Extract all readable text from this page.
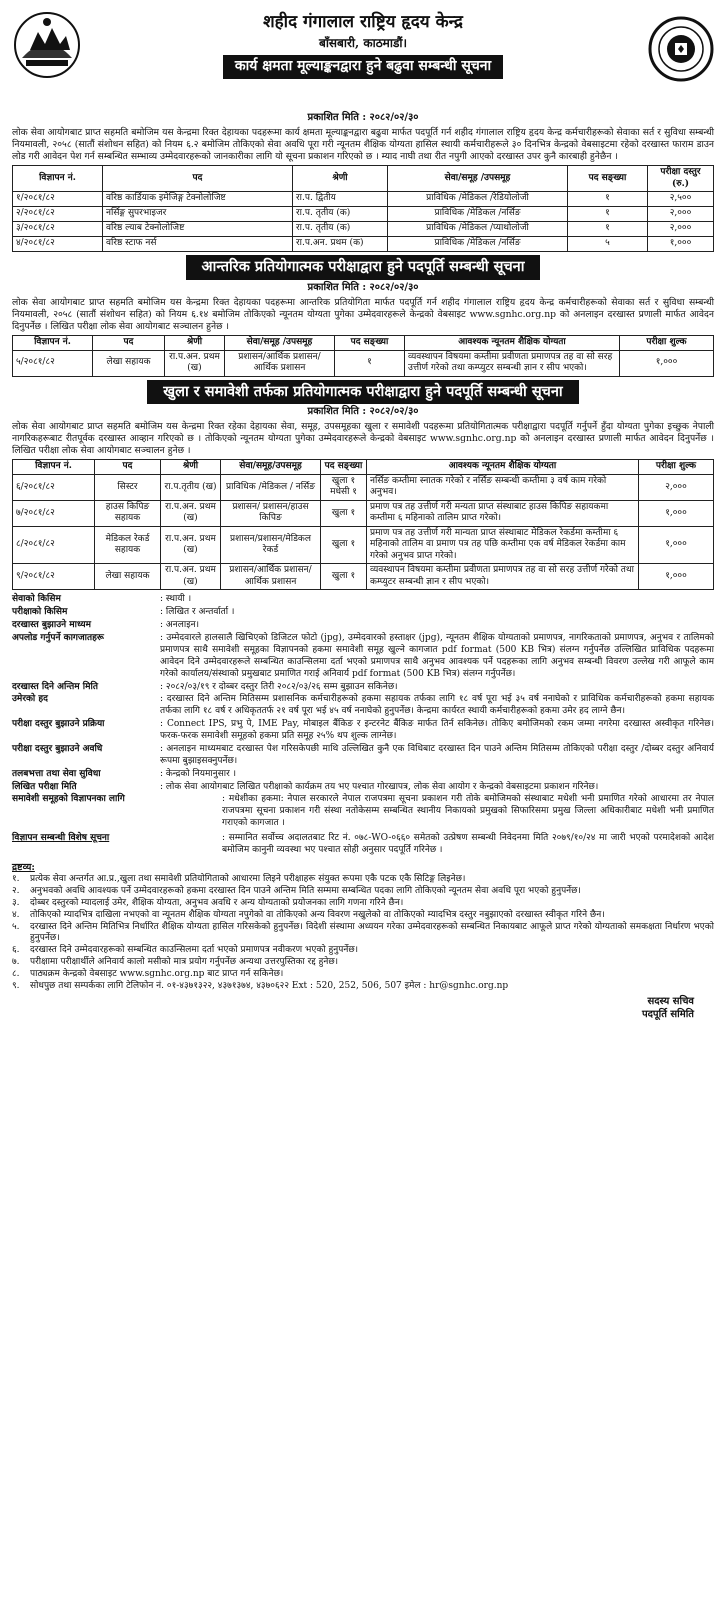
शहीद गंगालाल राष्ट्रिय हृदय केन्द्र
बाँसबारी, काठमाडौं।
कार्य क्षमता मूल्याङ्कनद्वारा हुने बढुवा सम्बन्धी सूचना
प्रकाशित मिति : २०८२/०२/३०
लोक सेवा आयोगबाट प्राप्त सहमति बमोजिम यस केन्द्रमा रिक्त देहायका पदहरूमा कार्य क्षमता मूल्याङ्कनद्वारा बढुवा मार्फत पदपूर्ति गर्न शहीद गंगालाल राष्ट्रिय हृदय केन्द्र कर्मचारीहरूको सेवाका सर्त र सुविधा सम्बन्धी नियमावली, २०५८ (सातौं संशोधन सहित) को नियम ६.२ बमोजिम तोकिएको सेवा अवधि पूरा गरी न्यूनतम शैक्षिक योग्यता हासिल स्थायी कर्मचारीहरूले ३० दिनभित्र केन्द्रको वेबसाइटमा रहेको दरखास्त फाराम डाउन लोड गरी आवेदन पेश गर्न सम्बन्धित सम्भाव्य उम्मेदवारहरूको जानकारीका लागि यो सूचना प्रकाशन गरिएको छ । म्याद नाघी तथा रीत नपुगी आएको दरखास्त उपर कुनै कारबाही हुनेछैन ।
विज्ञापन नं.	पद	श्रेणी	सेवा/समूह /उपसमूह	पद सङ्ख्या	परीक्षा दस्तुर (रु.)
१/२०८१/८२	वरिष्ठ कार्डियाक इमेजिङ्ग टेक्नोलोजिष्ट	रा.प. द्वितीय	प्राविधिक /मेडिकल /रेडियोलोजी	१	२,५००
२/२०८१/८२	नर्सिङ्ग सुपरभाइजर	रा.प. तृतीय (क)	प्राविधिक /मेडिकल /नर्सिङ	१	२,०००
३/२०८१/८२	वरिष्ठ ल्याब टेक्नोलोजिष्ट	रा.प. तृतीय (क)	प्राविधिक /मेडिकल /प्याथोलोजी	१	२,०००
४/२०८१/८२	वरिष्ठ स्टाफ नर्स	रा.प.अन. प्रथम (क)	प्राविधिक /मेडिकल /नर्सिङ	५	१,०००
आन्तरिक प्रतियोगात्मक परीक्षाद्वारा हुने पदपूर्ति सम्बन्धी सूचना
प्रकाशित मिति : २०८२/०२/३०
लोक सेवा आयोगबाट प्राप्त सहमति बमोजिम यस केन्द्रमा रिक्त देहायका पदहरूमा आन्तरिक प्रतियोगिता मार्फत पदपूर्ति गर्न शहीद गंगालाल राष्ट्रिय हृदय केन्द्र कर्मचारीहरूको सेवाका सर्त र सुविधा सम्बन्धी नियमावली, २०५८ (सातौं संशोधन सहित) को नियम ६.१४ बमोजिम तोकिएको न्यूनतम योग्यता पुगेका उम्मेदवारहरूले केन्द्रको वेबसाइट www.sgnhc.org.np को अनलाइन दरखास्त प्रणाली मार्फत आवेदन दिनुपर्नेछ । लिखित परीक्षा लोक सेवा आयोगबाट सञ्चालन हुनेछ ।
विज्ञापन नं.	पद	श्रेणी	सेवा/समूह /उपसमूह	पद सङ्ख्या	आवश्यक न्यूनतम शैक्षिक योग्यता	परीक्षा शुल्क
५/२०८१/८२	लेखा सहायक	रा.प.अन. प्रथम (ख)	प्रशासन/आर्थिक प्रशासन/ आर्थिक प्रशासन	१	व्यवस्थापन विषयमा कम्तीमा प्रवीणता प्रमाणपत्र तह वा सो सरह उत्तीर्ण गरेको तथा कम्प्युटर सम्बन्धी ज्ञान र सीप भएको।	१,०००
खुला र समावेशी तर्फका प्रतियोगात्मक परीक्षाद्वारा हुने पदपूर्ति सम्बन्धी सूचना
प्रकाशित मिति : २०८२/०२/३०
लोक सेवा आयोगबाट प्राप्त सहमति बमोजिम यस केन्द्रमा रिक्त रहेका देहायका सेवा, समूह, उपसमूहका खुला र समावेशी पदहरूमा प्रतियोगितात्मक परीक्षाद्वारा पदपूर्ति गर्नुपर्ने हुँदा योग्यता पुगेका इच्छुक नेपाली नागरिकहरूबाट रीतपूर्वक दरखास्त आव्हान गरिएको छ । तोकिएको न्यूनतम योग्यता पुगेका उम्मेदवारहरूले केन्द्रको वेबसाइट www.sgnhc.org.np को अनलाइन दरखास्त प्रणाली मार्फत आवेदन दिनुपर्नेछ । लिखित परीक्षा लोक सेवा आयोगबाट सञ्चालन हुनेछ ।
विज्ञापन नं.	पद	श्रेणी	सेवा/समूह/उपसमूह	पद सङ्ख्या	आवश्यक न्यूनतम शैक्षिक योग्यता	परीक्षा शुल्क
६/२०८१/८२	सिस्टर	रा.प.तृतीय (ख)	प्राविधिक /मेडिकल / नर्सिङ	खुला १ मधेसी १	नर्सिङ कम्तीमा स्नातक गरेको र नर्सिङ सम्बन्धी कम्तीमा ३ वर्ष काम गरेको अनुभव।	२,०००
७/२०८१/८२	हाउस किपिङ सहायक	रा.प.अन. प्रथम (ख)	प्रशासन/ प्रशासन/हाउस किपिङ	खुला १	प्रमाण पत्र तह उत्तीर्ण गरी मन्यता प्राप्त संस्थाबाट हाउस किपिङ सहायकमा कम्तीमा ६ महिनाको तालिम प्राप्त गरेको।	१,०००
८/२०८१/८२	मेडिकल रेकर्ड सहायक	रा.प.अन. प्रथम (ख)	प्रशासन/प्रशासन/मेडिकल रेकर्ड	खुला १	प्रमाण पत्र तह उत्तीर्ण गरी मान्यता प्राप्त संस्थाबाट मेडिकल रेकर्डमा कम्तीमा ६ महिनाको तालिम वा प्रमाण पत्र तह पछि कम्तीमा एक वर्ष मेडिकल रेकर्डमा काम गरेको अनुभव प्राप्त गरेको।	१,०००
९/२०८१/८२	लेखा सहायक	रा.प.अन. प्रथम (ख)	प्रशासन/आर्थिक प्रशासन/ आर्थिक प्रशासन	खुला १	व्यवस्थापन विषयमा कम्तीमा प्रवीणता प्रमाणपत्र तह वा सो सरह उत्तीर्ण गरेको तथा कम्प्युटर सम्बन्धी ज्ञान र सीप भएको।	१,०००
सेवाको किसिम	: स्थायी ।
परीक्षाको किसिम	: लिखित र अन्तर्वार्ता ।
दरखास्त बुझाउने माध्यम	: अनलाइन।
अपलोड गर्नुपर्ने कागजातहरू	: उम्मेदवारले हालसालै खिचिएको डिजिटल फोटो (jpg), उम्मेदवारको हस्ताक्षर (jpg), न्यूनतम शैक्षिक योग्यताको प्रमाणपत्र, नागरिकताको प्रमाणपत्र, अनुभव र तालिमको प्रमाणपत्र साथै समावेशी समूहका विज्ञापनको हकमा समावेशी समूह खुल्ने कागजात pdf format (500 KB भित्र) संलग्न गर्नुपर्नेछ उल्लिखित प्राविधिक पदहरूमा आवेदन दिने उम्मेदवारहरूले सम्बन्धित काउन्सिलमा दर्ता भएको प्रमाणपत्र साथै अनुभव आवश्यक पर्ने पदहरूका लागि अनुभव सम्बन्धी विवरण उल्लेख गरी आफूले काम गरेको कार्यालय/संस्थाको प्रमुखबाट प्रमाणित गराई अनिवार्य pdf format (500 KB भित्र) संलग्न गर्नुपर्नेछ।
दरखास्त दिने अन्तिम मिति	: २०८२/०३/१९ र दोब्बर दस्तुर तिरी २०८२/०३/२६ सम्म बुझाउन सकिनेछ।
उमेरको हद	: दरखास्त दिने अन्तिम मितिसम्म प्रशासनिक कर्मचारीहरूको हकमा सहायक तर्फका लागि १८ वर्ष पूरा भई ३५ वर्ष ननाघेको र प्राविधिक कर्मचारीहरूको हकमा सहायक तर्फका लागि १८ वर्ष र अधिकृततर्फ २१ वर्ष पूरा भई ४५ वर्ष ननाघेको हुनुपर्नेछ। केन्द्रमा कार्यरत स्थायी कर्मचारीहरूको हकमा उमेर हद लाग्ने छैन।
परीक्षा दस्तुर बुझाउने प्रक्रिया	: Connect IPS, प्रभु पे, IME Pay, मोबाइल बैंकिङ र इन्टरनेट बैंकिङ मार्फत तिर्न सकिनेछ। तोकिए बमोजिमको रकम जम्मा नगरेमा दरखास्त अस्वीकृत गरिनेछ। फरक-फरक समावेशी समूहको हकमा प्रति समूह २५% थप शुल्क लाग्नेछ।
परीक्षा दस्तुर बुझाउने अवधि	: अनलाइन माध्यमबाट दरखास्त पेश गरिसकेपछी माथि उल्लिखित कुनै एक विधिबाट दरखास्त दिन पाउने अन्तिम मितिसम्म तोकिएको परीक्षा दस्तुर /दोब्बर दस्तुर अनिवार्य रूपमा बुझाइसक्नुपर्नेछ।
तलबभत्ता तथा सेवा सुविधा	: केन्द्रको नियमानुसार ।
लिखित परीक्षा मिति	: लोक सेवा आयोगबाट लिखित परीक्षाको कार्यक्रम तय भए पश्चात गोरखापत्र, लोक सेवा आयोग र केन्द्रको वेबसाइटमा प्रकाशन गरिनेछ।
समावेशी समूहको विज्ञापनका लागि	: मधेशीका हकमा: नेपाल सरकारले नेपाल राजपत्रमा सूचना प्रकाशन गरी तोके बमोजिमको संस्थाबाट मधेशी भनी प्रमाणित गरेको आधारमा तर नेपाल राजपत्रमा सूचना प्रकाशन गरी संस्था नतोकेसम्म सम्बन्धित स्थानीय निकायको प्रमुखको सिफारिसमा प्रमुख जिल्ला अधिकारीबाट मधेशी भनी प्रमाणित गराएको कागजात ।
विज्ञापन सम्बन्धी विशेष सूचना	: सम्मानित सर्वोच्च अदालतबाट रिट नं. ०७८-WO-०६६० समेतको उत्प्रेषण सम्बन्धी निवेदनमा मिति २०७९/१०/२४ मा जारी भएको परमादेशको आदेश बमोजिम कानुनी व्यवस्था भए पश्चात सोही अनुसार पदपूर्ति गरिनेछ ।
द्रष्टव्य:
१.	प्रत्येक सेवा अन्तर्गत आ.प्र.,खुला तथा समावेशी प्रतियोगिताको आधारमा लिइने परीक्षाहरू संयुक्त रूपमा एकै पटक एकै सिटिङ्ग लिइनेछ।
२.	अनुभवको अवधि आवश्यक पर्ने उम्मेदवारहरूको हकमा दरखास्त दिन पाउने अन्तिम मिति सम्ममा सम्बन्धित पदका लागि तोकिएको न्यूनतम सेवा अवधि पूरा भएको हुनुपर्नेछ।
३.	दोब्बर दस्तुरको म्यादलाई उमेर, शैक्षिक योग्यता, अनुभव अवधि र अन्य योग्यताको प्रयोजनका लागि गणना गरिने छैन।
४.	तोकिएको म्यादभित्र दाखिला नभएको वा न्यूनतम शैक्षिक योग्यता नपुगेको वा तोकिएको अन्य विवरण नखुलेको वा तोकिएको म्यादभित्र दस्तुर नबुझाएको दरखास्त स्वीकृत गरिने छैन।
५.	दरखास्त दिने अन्तिम मितिभित्र निर्धारित शैक्षिक योग्यता हासिल गरिसकेको हुनुपर्नेछ। विदेशी संस्थामा अध्ययन गरेका उम्मेदवारहरूको सम्बन्धित निकायबाट आफूले प्राप्त गरेको योग्यताको समकक्षता निर्धारण भएको हुनुपर्नेछ।
६.	दरखास्त दिने उम्मेदवारहरूको सम्बन्धित काउन्सिलमा दर्ता भएको प्रमाणपत्र नवीकरण भएको हुनुपर्नेछ।
७.	परीक्षामा परीक्षार्थीले अनिवार्य कालो मसीको मात्र प्रयोग गर्नुपर्नेछ अन्यथा उत्तरपुस्तिका रद्द हुनेछ।
८.	पाठ्यक्रम केन्द्रको वेबसाइट www.sgnhc.org.np बाट प्राप्त गर्न सकिनेछ।
९.	सोधपुछ तथा सम्पर्कका लागि टेलिफोन नं. ०१-४३७१३२२, ४३७१३७४, ४३७०६२२ Ext : 520, 252, 506, 507 इमेल : hr@sgnhc.org.np
सदस्य सचिव
पदपूर्ति समिति
